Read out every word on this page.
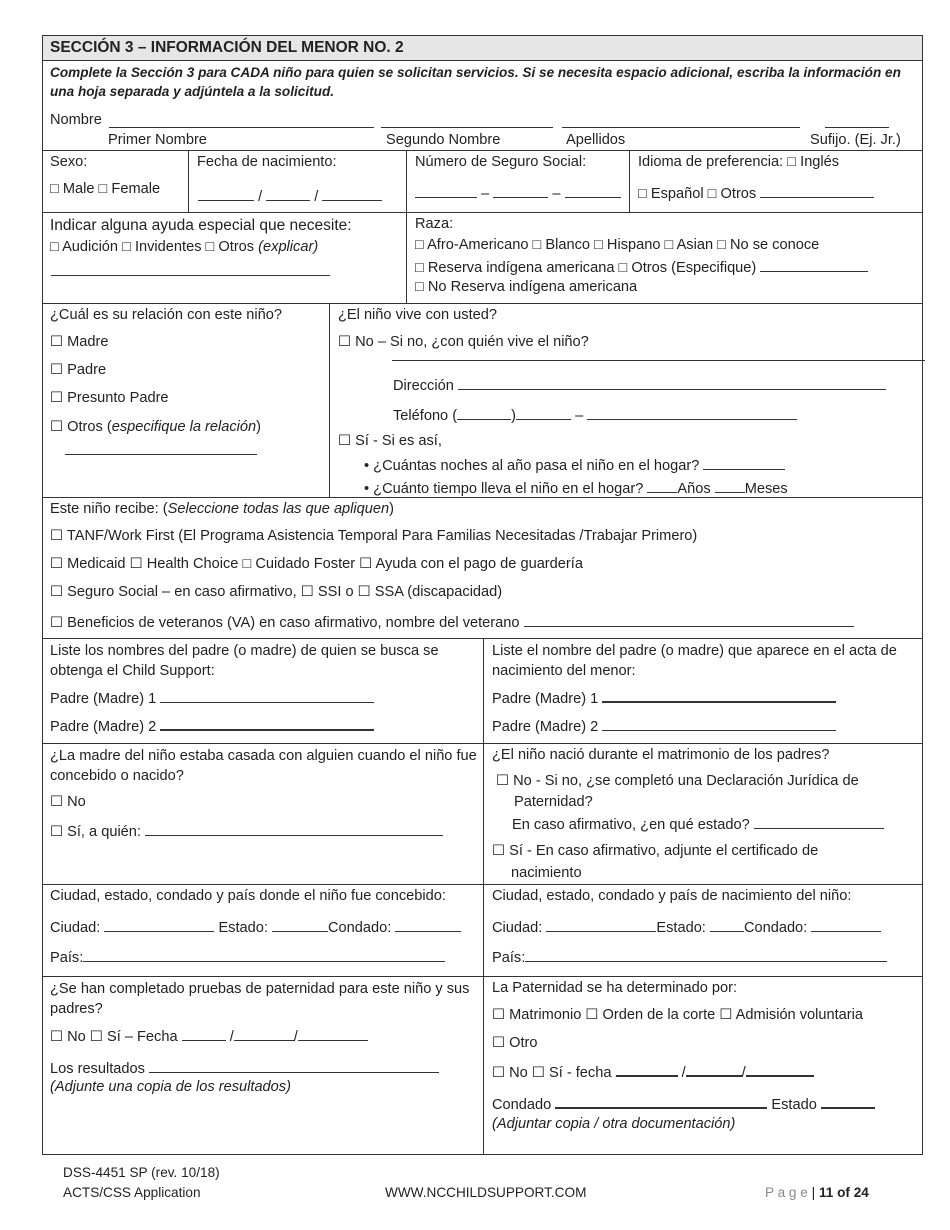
SECCIÓN 3 – INFORMACIÓN DEL MENOR NO. 2
Complete la Sección 3 para CADA niño para quien se solicitan servicios. Si se necesita espacio adicional, escriba la información en una hoja separada y adjúntela a la solicitud.
Nombre
Primer Nombre	Segundo Nombre	Apellidos	Sufijo. (Ej. Jr.)
Sexo:
□ Male □ Female
Fecha de nacimiento:
/	/
Número de Seguro Social:
–	–
Idioma de preferencia: □ Inglés
□ Español □ Otros
Indicar alguna ayuda especial que necesite:
□ Audición □ Invidentes □ Otros (explicar)
Raza:
□ Afro-Americano □ Blanco □ Hispano □ Asian □ No se conoce
□ Reserva indígena americana □ Otros (Especifique)
□ No Reserva indígena americana
¿Cuál es su relación con este niño?
☐ Madre
☐ Padre
☐ Presunto Padre
☐ Otros (especifique la relación)
¿El niño vive con usted?
☐ No – Si no, ¿con quién vive el niño?
Dirección
Teléfono (	)	–
☐ Sí - Si es así,
• ¿Cuántas noches al año pasa el niño en el hogar?
• ¿Cuánto tiempo lleva el niño en el hogar? Años Meses
Este niño recibe: (Seleccione todas las que apliquen)
☐ TANF/Work First (El Programa Asistencia Temporal Para Familias Necesitadas /Trabajar Primero)
☐ Medicaid ☐ Health Choice □ Cuidado Foster ☐ Ayuda con el pago de guardería
☐ Seguro Social – en caso afirmativo, ☐ SSI o ☐ SSA (discapacidad)
☐ Beneficios de veteranos (VA) en caso afirmativo, nombre del veterano
Liste los nombres del padre (o madre) de quien se busca se obtenga el Child Support:
Padre (Madre) 1
Padre (Madre) 2
Liste el nombre del padre (o madre) que aparece en el acta de nacimiento del menor:
Padre (Madre) 1
Padre (Madre) 2
¿La madre del niño estaba casada con alguien cuando el niño fue concebido o nacido?
☐ No
☐ Sí, a quién:
¿El niño nació durante el matrimonio de los padres?
☐ No - Si no, ¿se completó una Declaración Jurídica de
Paternidad?
En caso afirmativo, ¿en qué estado?
☐ Sí - En caso afirmativo, adjunte el certificado de
nacimiento
Ciudad, estado, condado y país donde el niño fue concebido:
Ciudad:	Estado:	Condado:
País:
Ciudad, estado, condado y país de nacimiento del niño:
Ciudad:	Estado:	Condado:
País:
¿Se han completado pruebas de paternidad para este niño y sus padres?
☐ No ☐ Sí – Fecha	/	/
Los resultados
(Adjunte una copia de los resultados)
La Paternidad se ha determinado por:
☐ Matrimonio ☐ Orden de la corte ☐ Admisión voluntaria
☐ Otro
☐ No ☐ Sí - fecha	/	/
Condado	Estado
(Adjuntar copia / otra documentación)
DSS-4451 SP (rev. 10/18)
ACTS/CSS Application	WWW.NCCHILDSUPPORT.COM	P a g e | 11 of 24
